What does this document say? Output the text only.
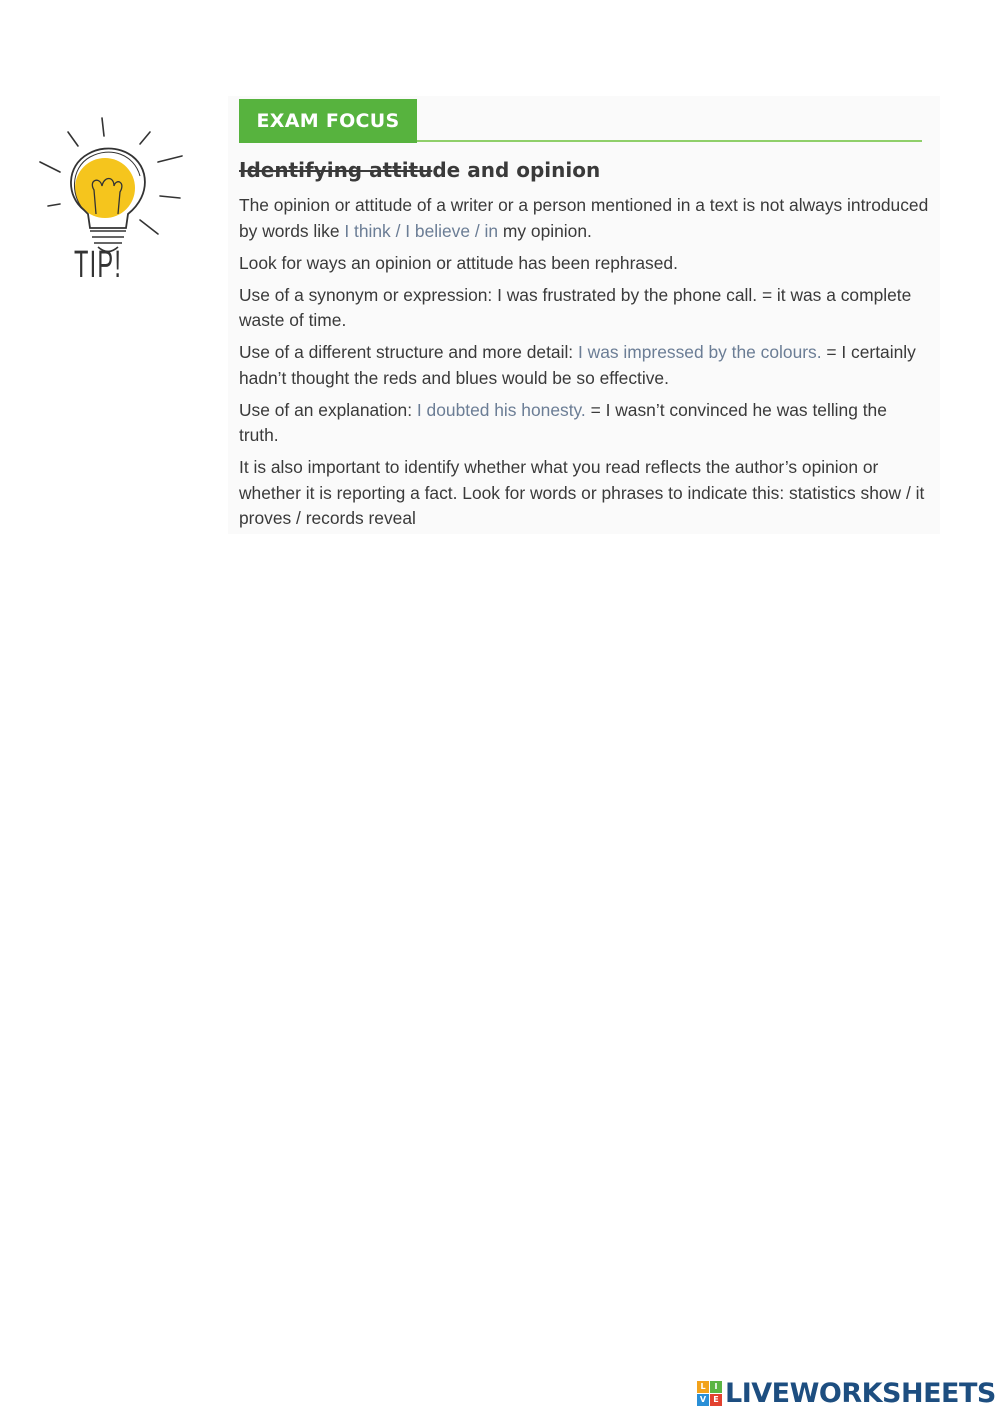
TIP!
EXAM FOCUS
Identifying attitude and opinion

The opinion or attitude of a writer or a person mentioned in a text is not always introduced by words like I think / I believe / in my opinion.

Look for ways an opinion or attitude has been rephrased.

Use of a synonym or expression: I was frustrated by the phone call. = it was a complete waste of time.

Use of a different structure and more detail: I was impressed by the colours. = I certainly hadn’t thought the reds and blues would be so effective.

Use of an explanation: I doubted his honesty. = I wasn’t convinced he was telling the truth.

It is also important to identify whether what you read reflects the author’s opinion or whether it is reporting a fact. Look for words or phrases to indicate this: statistics show / it proves / records reveal

L	I
V E LIVEWORKSHEETS
